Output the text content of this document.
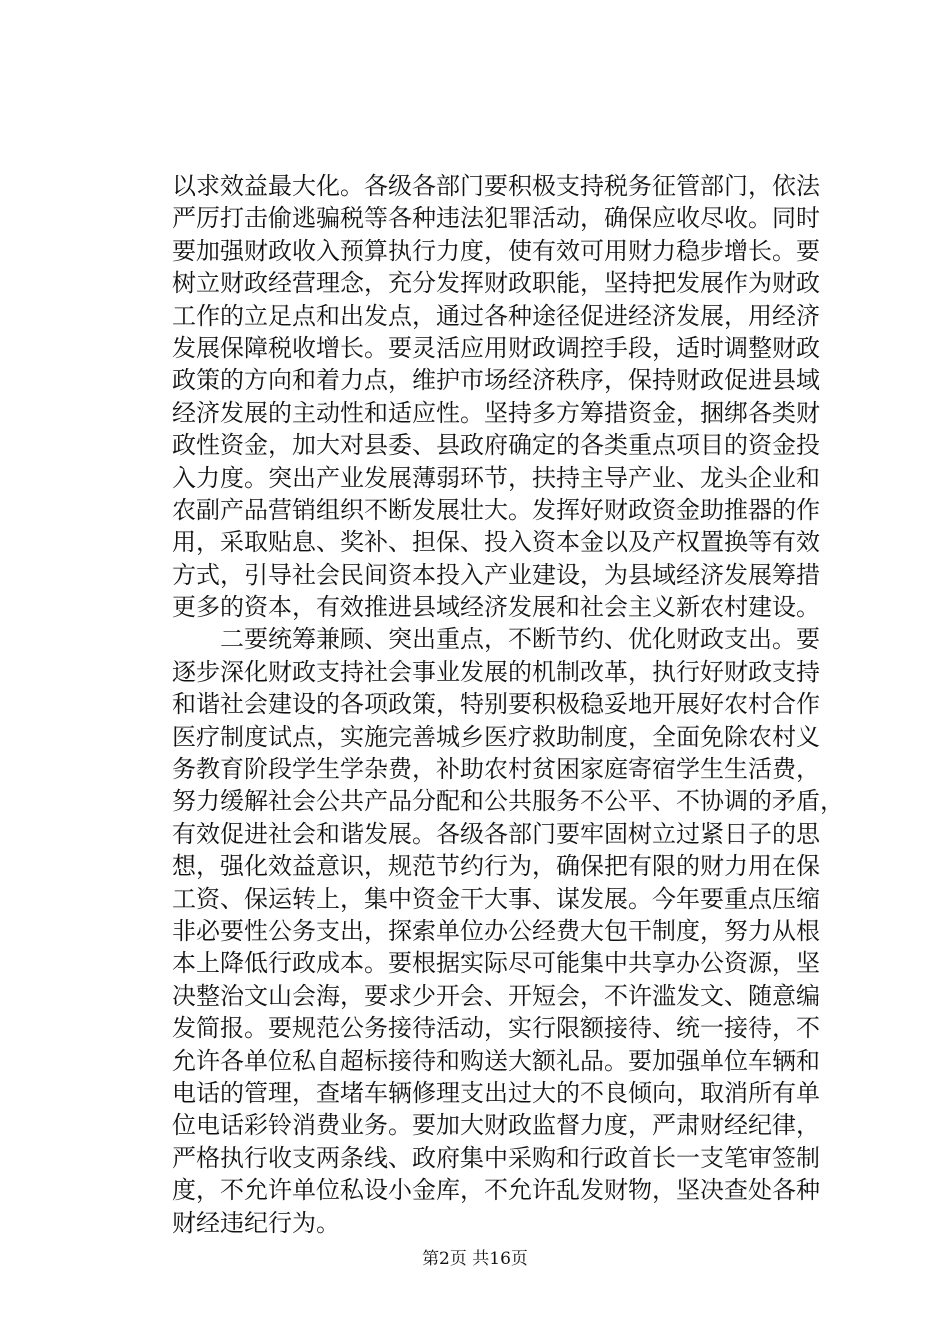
以求效益最大化。各级各部门要积极支持税务征管部门，依法
严厉打击偷逃骗税等各种违法犯罪活动，确保应收尽收。同时
要加强财政收入预算执行力度，使有效可用财力稳步增长。要
树立财政经营理念，充分发挥财政职能，坚持把发展作为财政
工作的立足点和出发点，通过各种途径促进经济发展，用经济
发展保障税收增长。要灵活应用财政调控手段，适时调整财政
政策的方向和着力点，维护市场经济秩序，保持财政促进县域
经济发展的主动性和适应性。坚持多方筹措资金，捆绑各类财
政性资金，加大对县委、县政府确定的各类重点项目的资金投
入力度。突出产业发展薄弱环节，扶持主导产业、龙头企业和
农副产品营销组织不断发展壮大。发挥好财政资金助推器的作
用，采取贴息、奖补、担保、投入资本金以及产权置换等有效
方式，引导社会民间资本投入产业建设，为县域经济发展筹措
更多的资本，有效推进县域经济发展和社会主义新农村建设。
二要统筹兼顾、突出重点，不断节约、优化财政支出。要
逐步深化财政支持社会事业发展的机制改革，执行好财政支持
和谐社会建设的各项政策，特别要积极稳妥地开展好农村合作
医疗制度试点，实施完善城乡医疗救助制度，全面免除农村义
务教育阶段学生学杂费，补助农村贫困家庭寄宿学生生活费，
努力缓解社会公共产品分配和公共服务不公平、不协调的矛盾，
有效促进社会和谐发展。各级各部门要牢固树立过紧日子的思
想，强化效益意识，规范节约行为，确保把有限的财力用在保
工资、保运转上，集中资金干大事、谋发展。今年要重点压缩
非必要性公务支出，探索单位办公经费大包干制度，努力从根
本上降低行政成本。要根据实际尽可能集中共享办公资源，坚
决整治文山会海，要求少开会、开短会，不许滥发文、随意编
发简报。要规范公务接待活动，实行限额接待、统一接待，不
允许各单位私自超标接待和购送大额礼品。要加强单位车辆和
电话的管理，查堵车辆修理支出过大的不良倾向，取消所有单
位电话彩铃消费业务。要加大财政监督力度，严肃财经纪律，
严格执行收支两条线、政府集中采购和行政首长一支笔审签制
度，不允许单位私设小金库，不允许乱发财物，坚决查处各种
财经违纪行为。
第2页 共16页
